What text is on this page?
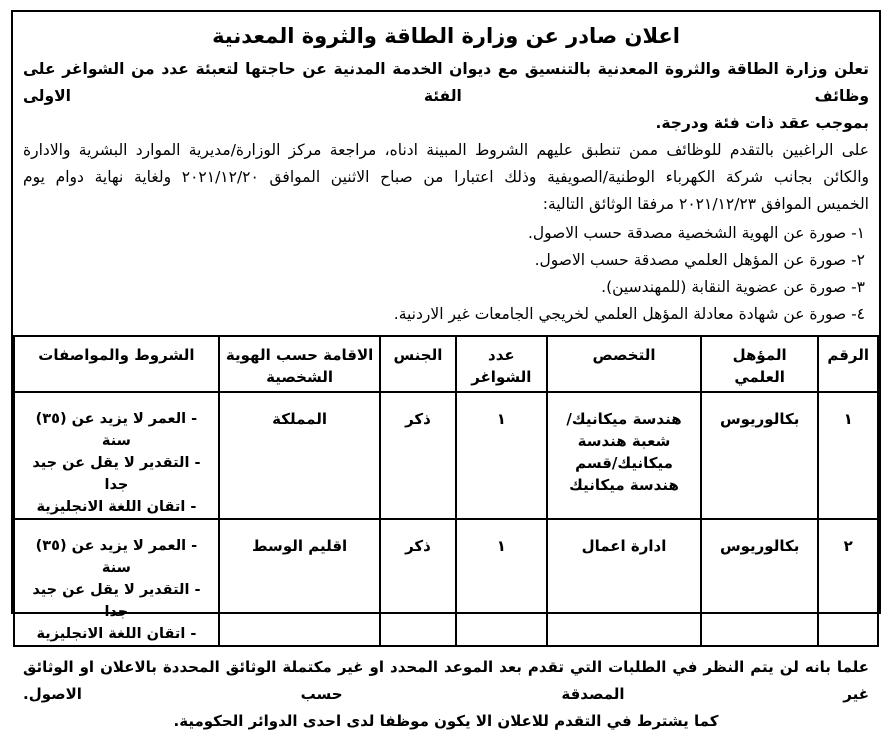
اعلان صادر عن وزارة الطاقة والثروة المعدنية
تعلن وزارة الطاقة والثروة المعدنية بالتنسيق مع ديوان الخدمة المدنية عن حاجتها لتعبئة عدد من الشواغر على وظائف الفئة الاولى
بموجب عقد ذات فئة ودرجة.
على الراغبين بالتقدم للوظائف ممن تنطبق عليهم الشروط المبينة ادناه، مراجعة مركز الوزارة/مديرية الموارد البشرية والادارة
والكائن بجانب شركة الكهرباء الوطنية/الصويفية وذلك اعتبارا من صباح الاثنين الموافق ٢٠٢١/١٢/٢٠ ولغاية نهاية دوام يوم
الخميس الموافق ٢٠٢١/١٢/٢٣ مرفقا الوثائق التالية:
١- صورة عن الهوية الشخصية مصدقة حسب الاصول.
٢- صورة عن المؤهل العلمي مصدقة حسب الاصول.
٣- صورة عن عضوية النقابة (للمهندسين).
٤- صورة عن شهادة معادلة المؤهل العلمي لخريجي الجامعات غير الاردنية.
الرقم	المؤهل العلمي	التخصص	عدد الشواغر	الجنس	الاقامة حسب الهوية الشخصية	الشروط والمواصفات
١	بكالوريوس	هندسة ميكانيك/شعبة هندسة ميكانيك/قسم هندسة ميكانيك	١	ذكر	المملكة	- العمر لا يزيد عن (٣٥) سنة
- التقدير لا يقل عن جيد جدا
- اتقان اللغة الانجليزية

٢	بكالوريوس	ادارة اعمال	١	ذكر	اقليم الوسط	- العمر لا يزيد عن (٣٥) سنة
- التقدير لا يقل عن جيد جدا
- اتقان اللغة الانجليزية
علما بانه لن يتم النظر في الطلبات التي تقدم بعد الموعد المحدد او غير مكتملة الوثائق المحددة بالاعلان او الوثائق غير المصدقة حسب الاصول.
كما يشترط في التقدم للاعلان الا يكون موظفا لدى احدى الدوائر الحكومية.
